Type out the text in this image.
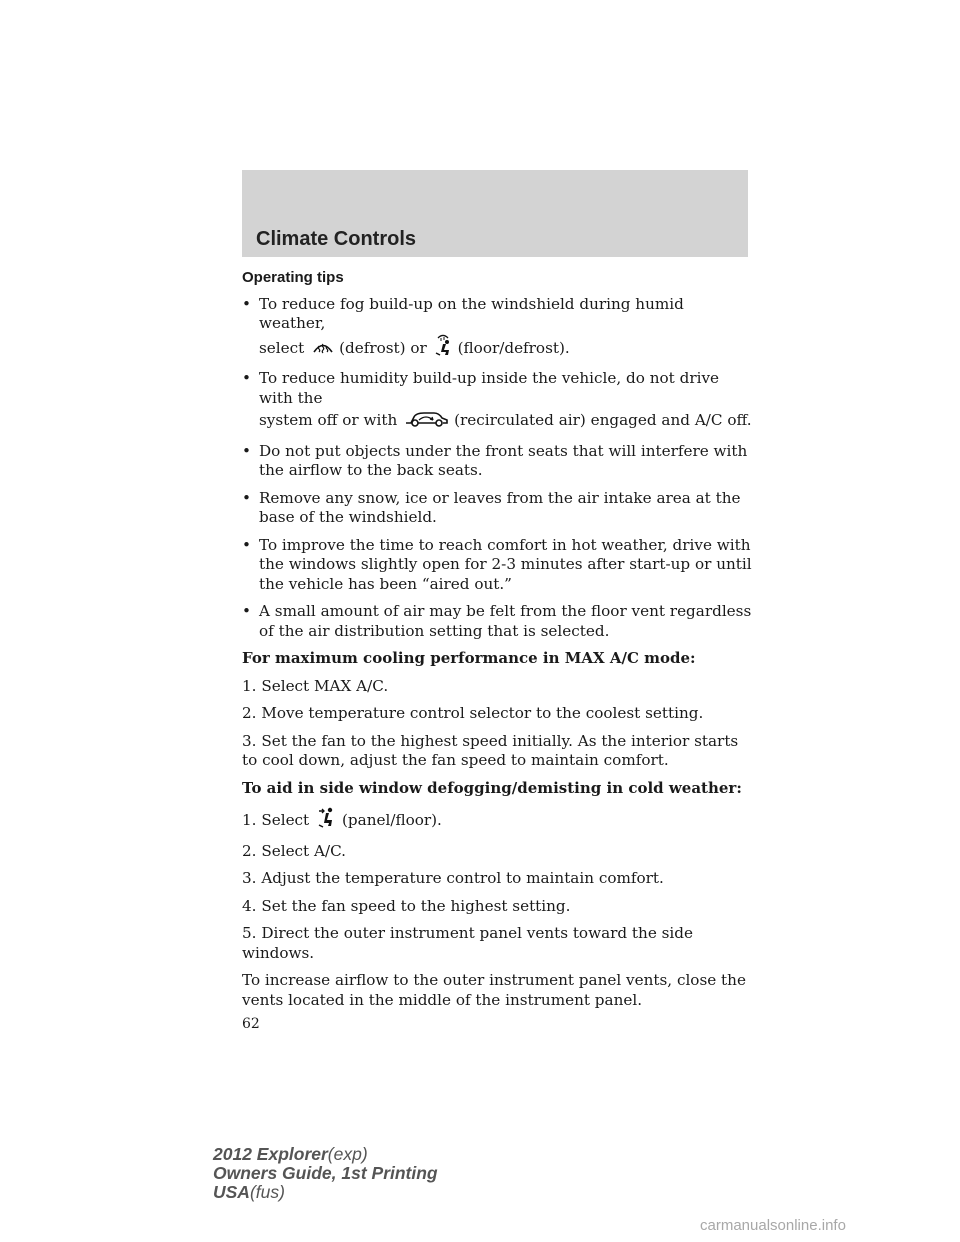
Climate Controls
Operating tips
• To reduce fog build-up on the windshield during humid weather,
select (defrost) or (floor/defrost).
• To reduce humidity build-up inside the vehicle, do not drive with the
system off or with	(recirculated air) engaged and A/C off.
• Do not put objects under the front seats that will interfere with the airflow to the back seats.
• Remove any snow, ice or leaves from the air intake area at the base of the windshield.
• To improve the time to reach comfort in hot weather, drive with the windows slightly open for 2-3 minutes after start-up or until the vehicle has been “aired out.”
• A small amount of air may be felt from the floor vent regardless of the air distribution setting that is selected.
For maximum cooling performance in MAX A/C mode:

1. Select MAX A/C.

2. Move temperature control selector to the coolest setting.

3. Set the fan to the highest speed initially. As the interior starts to cool down, adjust the fan speed to maintain comfort.

To aid in side window defogging/demisting in cold weather:

1. Select (panel/floor).

2. Select A/C.

3. Adjust the temperature control to maintain comfort.

4. Set the fan speed to the highest setting.

5. Direct the outer instrument panel vents toward the side windows.

To increase airflow to the outer instrument panel vents, close the vents located in the middle of the instrument panel.

62
2012 Explorer(exp)
Owners Guide, 1st Printing
USA(fus)
carmanualsonline.info
